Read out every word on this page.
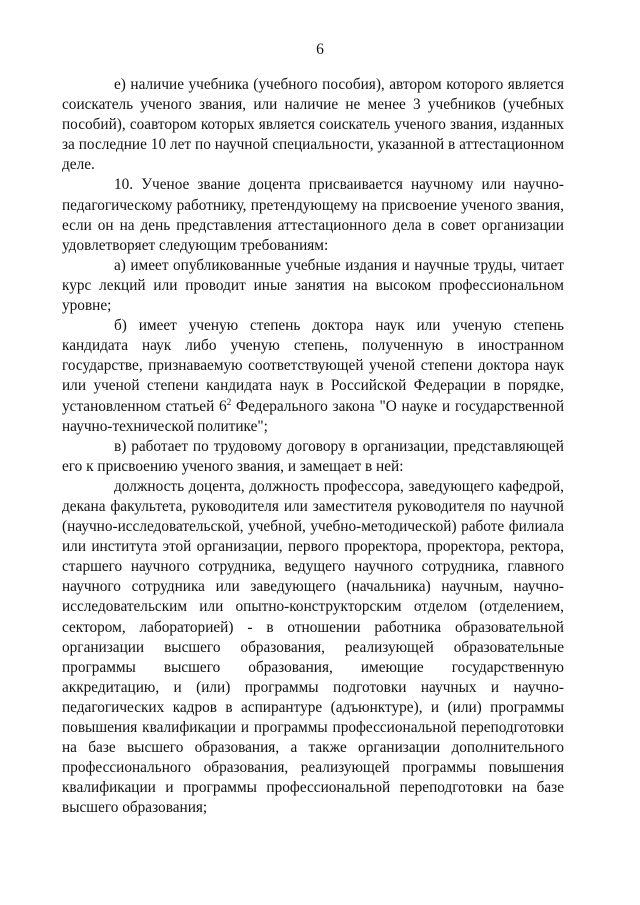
6

е) наличие учебника (учебного пособия), автором которого является соискатель ученого звания, или наличие не менее 3 учебников (учебных пособий), соавтором которых является соискатель ученого звания, изданных за последние 10 лет по научной специальности, указанной в аттестационном деле.

10. Ученое звание доцента присваивается научному или научно-педагогическому работнику, претендующему на присвоение ученого звания, если он на день представления аттестационного дела в совет организации удовлетворяет следующим требованиям:

а) имеет опубликованные учебные издания и научные труды, читает курс лекций или проводит иные занятия на высоком профессиональном уровне;

б) имеет ученую степень доктора наук или ученую степень кандидата наук либо ученую степень, полученную в иностранном государстве, признаваемую соответствующей ученой степени доктора наук или ученой степени кандидата наук в Российской Федерации в порядке, установленном статьей $6^2$ Федерального закона "О науке и государственной научно-технической политике";

в) работает по трудовому договору в организации, представляющей его к присвоению ученого звания, и замещает в ней:

должность доцента, должность профессора, заведующего кафедрой, декана факультета, руководителя или заместителя руководителя по научной (научно-исследовательской, учебной, учебно-методической) работе филиала или института этой организации, первого проректора, проректора, ректора, старшего научного сотрудника, ведущего научного сотрудника, главного научного сотрудника или заведующего (начальника) научным, научно-исследовательским или опытно-конструкторским отделом (отделением, сектором, лабораторией) - в отношении работника образовательной организации высшего образования, реализующей образовательные программы высшего образования, имеющие государственную аккредитацию, и (или) программы подготовки научных и научно-педагогических кадров в аспирантуре (адъюнктуре), и (или) программы повышения квалификации и программы профессиональной переподготовки на базе высшего образования, а также организации дополнительного профессионального образования, реализующей программы повышения квалификации и программы профессиональной переподготовки на базе высшего образования;
